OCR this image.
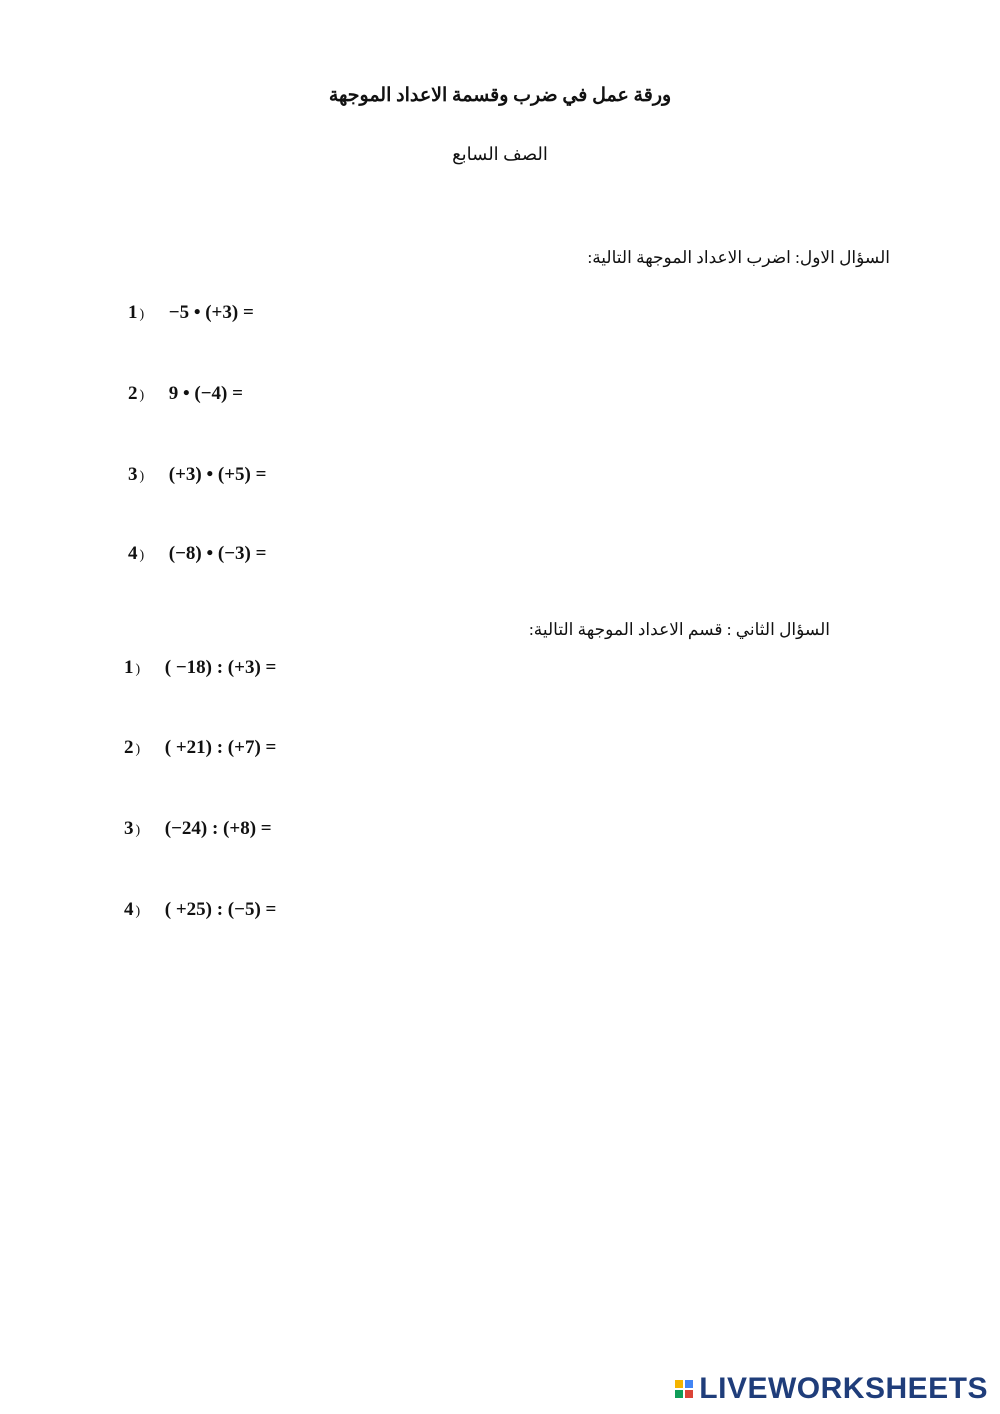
ورقة عمل في ضرب وقسمة الاعداد الموجهة
الصف السابع
السؤال الاول: اضرب الاعداد الموجهة التالية:
1 ) −5 • (+3) =
2 ) 9 • (−4) =
3 ) (+3) • (+5) =
4 ) (−8) • (−3) =
السؤال الثاني : قسم الاعداد الموجهة التالية:
1 ) ( −18) : (+3) =
2 ) ( +21) : (+7) =
3 ) (−24) : (+8) =
4 ) ( +25) : (−5) =
LIVEWORKSHEETS
